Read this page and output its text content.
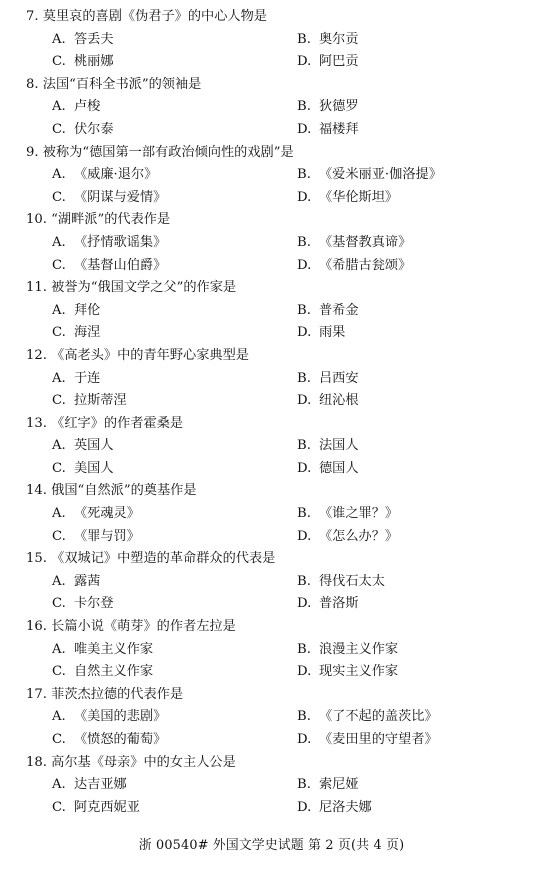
7. 莫里哀的喜剧《伪君子》的中心人物是
A. 答丢夫	B. 奥尔贡
C. 桃丽娜	D. 阿巴贡
8. 法国“百科全书派”的领袖是
A. 卢梭	B. 狄德罗
C. 伏尔泰	D. 福楼拜
9. 被称为“德国第一部有政治倾向性的戏剧”是
A. 《威廉·退尔》	B. 《爱米丽亚·伽洛提》
C. 《阴谋与爱情》	D. 《华伦斯坦》
10. “湖畔派”的代表作是
A. 《抒情歌谣集》	B. 《基督教真谛》
C. 《基督山伯爵》	D. 《希腊古瓮颂》
11. 被誉为“俄国文学之父”的作家是
A. 拜伦	B. 普希金
C. 海涅	D. 雨果
12. 《高老头》中的青年野心家典型是
A. 于连	B. 吕西安
C. 拉斯蒂涅	D. 纽沁根
13. 《红字》的作者霍桑是
A. 英国人	B. 法国人
C. 美国人	D. 德国人
14. 俄国“自然派”的奠基作是
A. 《死魂灵》	B. 《谁之罪？》
C. 《罪与罚》	D. 《怎么办？》
15. 《双城记》中塑造的革命群众的代表是
A. 露茜	B. 得伐石太太
C. 卡尔登	D. 普洛斯
16. 长篇小说《萌芽》的作者左拉是
A. 唯美主义作家	B. 浪漫主义作家
C. 自然主义作家	D. 现实主义作家
17. 菲茨杰拉德的代表作是
A. 《美国的悲剧》	B. 《了不起的盖茨比》
C. 《愤怒的葡萄》	D. 《麦田里的守望者》
18. 高尔基《母亲》中的女主人公是
A. 达吉亚娜	B. 索尼娅
C. 阿克西妮亚	D. 尼洛夫娜
浙 00540# 外国文学史试题 第 2 页(共 4 页)
